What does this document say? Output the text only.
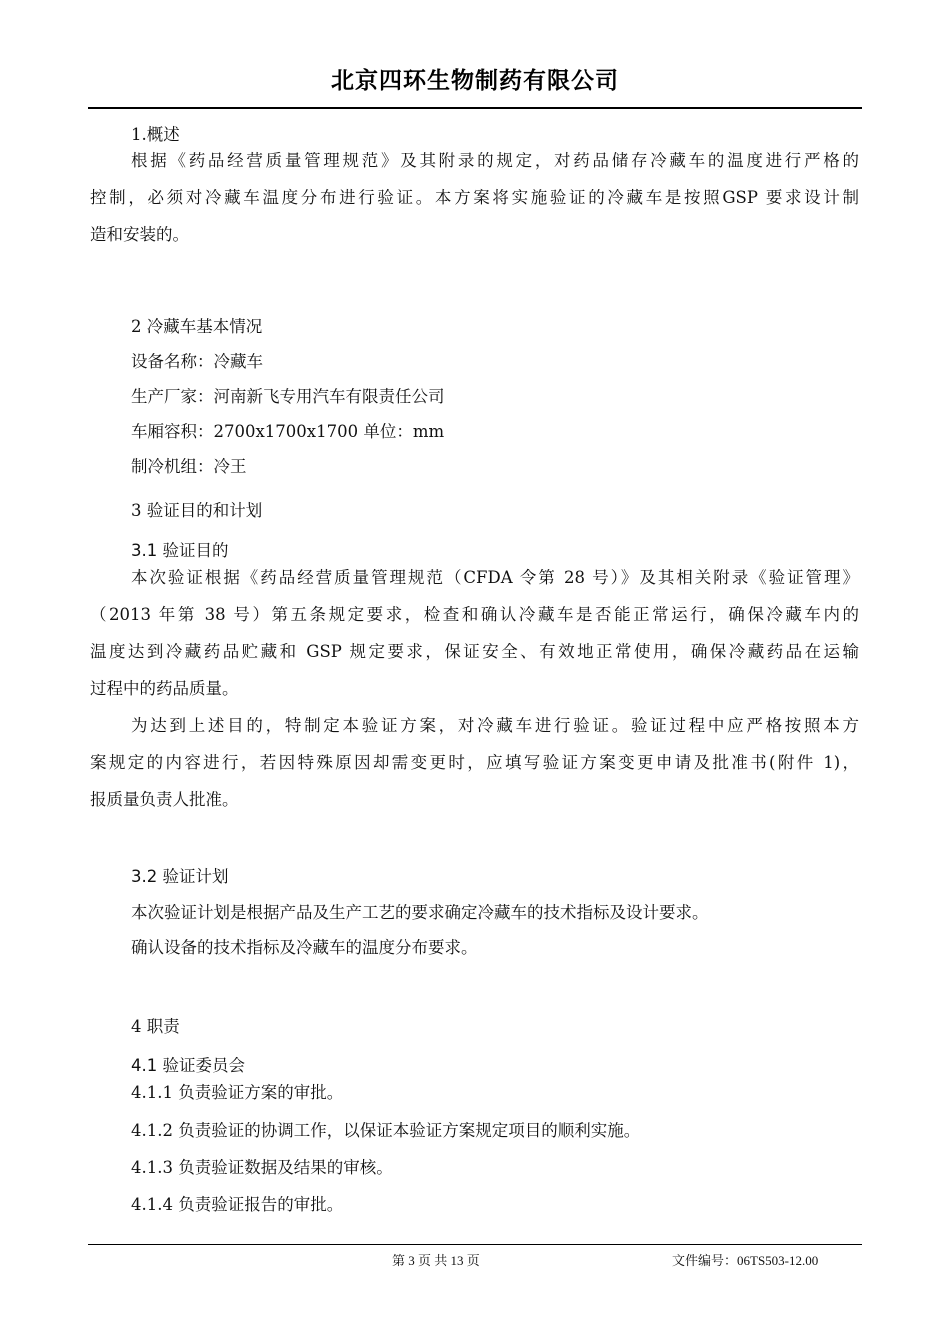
北京四环生物制药有限公司
1.概述
根据《药品经营质量管理规范》及其附录的规定，对药品储存冷藏车的温度进行严格的
控制，必须对冷藏车温度分布进行验证。本方案将实施验证的冷藏车是按照GSP 要求设计制
造和安装的。
2 冷藏车基本情况
设备名称：冷藏车
生产厂家：河南新飞专用汽车有限责任公司
车厢容积：2700x1700x1700 单位：mm
制冷机组：冷王
3 验证目的和计划
3.1 验证目的
本次验证根据《药品经营质量管理规范（CFDA 令第 28 号）》及其相关附录《验证管理》
（2013 年第 38 号）第五条规定要求，检查和确认冷藏车是否能正常运行，确保冷藏车内的
温度达到冷藏药品贮藏和 GSP 规定要求，保证安全、有效地正常使用，确保冷藏药品在运输
过程中的药品质量。
为达到上述目的，特制定本验证方案，对冷藏车进行验证。验证过程中应严格按照本方
案规定的内容进行，若因特殊原因却需变更时，应填写验证方案变更申请及批准书(附件 1)，
报质量负责人批准。
3.2 验证计划
本次验证计划是根据产品及生产工艺的要求确定冷藏车的技术指标及设计要求。
确认设备的技术指标及冷藏车的温度分布要求。
4 职责
4.1 验证委员会
4.1.1 负责验证方案的审批。
4.1.2 负责验证的协调工作，以保证本验证方案规定项目的顺利实施。
4.1.3 负责验证数据及结果的审核。
4.1.4 负责验证报告的审批。
第 3 页 共 13 页	文件编号：06TS503-12.00
